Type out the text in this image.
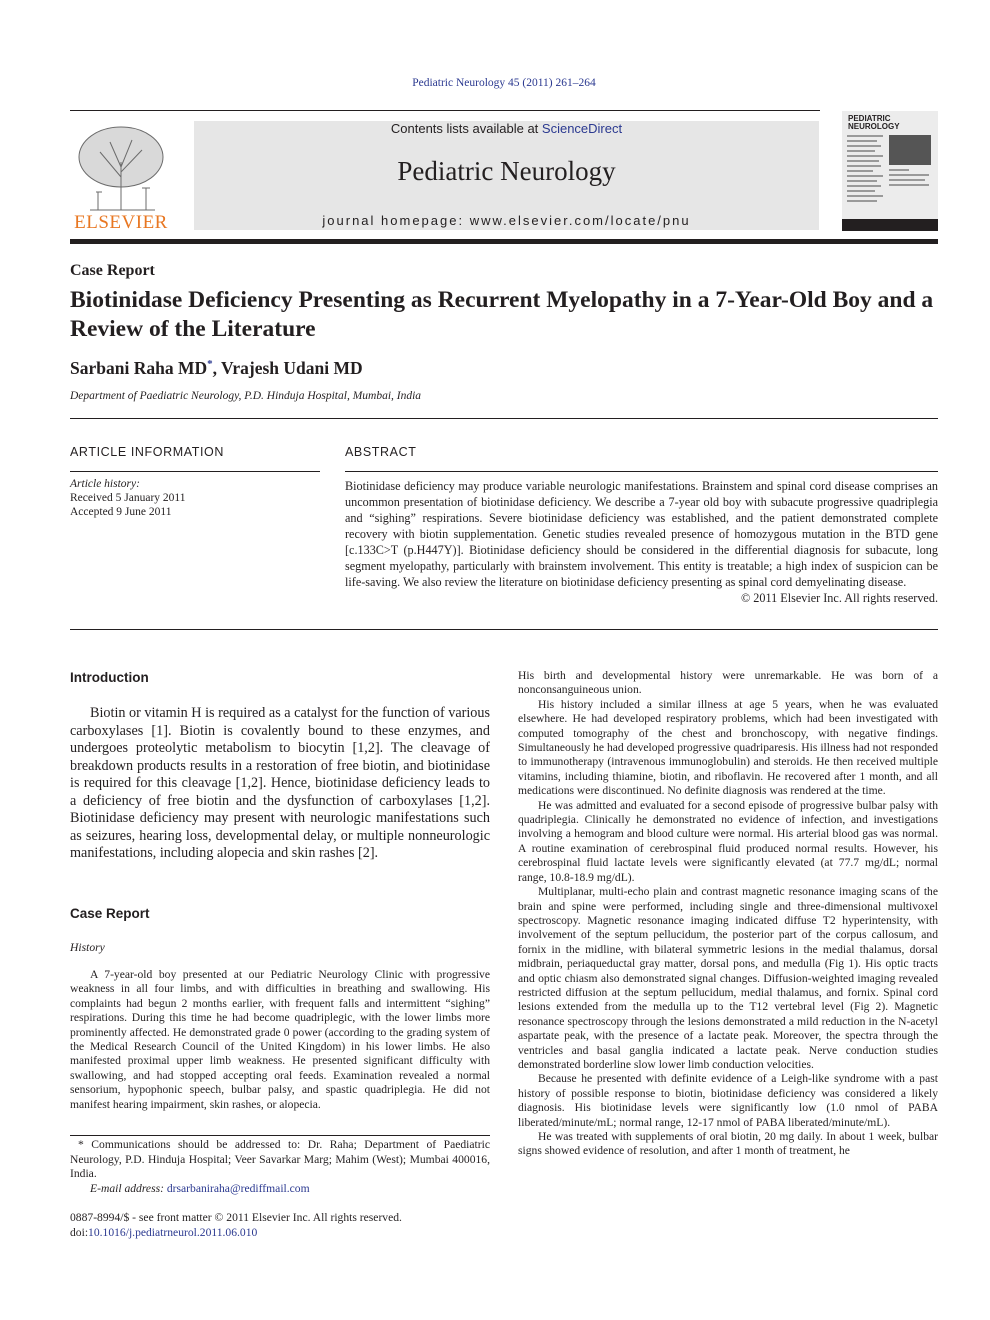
Pediatric Neurology 45 (2011) 261–264
ELSEVIER
Contents lists available at ScienceDirect
Pediatric Neurology
journal homepage: www.elsevier.com/locate/pnu
PEDIATRIC NEUROLOGY
Case Report
Biotinidase Deficiency Presenting as Recurrent Myelopathy in a 7-Year-Old Boy and a Review of the Literature
Sarbani Raha MD*, Vrajesh Udani MD
Department of Paediatric Neurology, P.D. Hinduja Hospital, Mumbai, India
ARTICLE INFORMATION	ABSTRACT
Article history:
Received 5 January 2011
Accepted 9 June 2011

Biotinidase deficiency may produce variable neurologic manifestations. Brainstem and spinal cord disease comprises an uncommon presentation of biotinidase deficiency. We describe a 7-year old boy with subacute progressive quadriplegia and “sighing” respirations. Severe biotinidase deficiency was established, and the patient demonstrated complete recovery with biotin supplementation. Genetic studies revealed presence of homozygous mutation in the BTD gene [c.133C>T (p.H447Y)]. Biotinidase deficiency should be considered in the differential diagnosis for subacute, long segment myelopathy, particularly with brainstem involvement. This entity is treatable; a high index of suspicion can be life-saving. We also review the literature on biotinidase deficiency presenting as spinal cord demyelinating disease.

© 2011 Elsevier Inc. All rights reserved.

Introduction

Biotin or vitamin H is required as a catalyst for the function of various carboxylases [1]. Biotin is covalently bound to these enzymes, and undergoes proteolytic metabolism to biocytin [1,2]. The cleavage of breakdown products results in a restoration of free biotin, and biotinidase is required for this cleavage [1,2]. Hence, biotinidase deficiency leads to a deficiency of free biotin and the dysfunction of carboxylases [1,2]. Biotinidase deficiency may present with neurologic manifestations such as seizures, hearing loss, developmental delay, or multiple nonneurologic manifestations, including alopecia and skin rashes [2].

Case Report
History

A 7-year-old boy presented at our Pediatric Neurology Clinic with progressive weakness in all four limbs, and with difficulties in breathing and swallowing. His complaints had begun 2 months earlier, with frequent falls and intermittent “sighing” respirations. During this time he had become quadriplegic, with the lower limbs more prominently affected. He demonstrated grade 0 power (according to the grading system of the Medical Research Council of the United Kingdom) in his lower limbs. He also manifested proximal upper limb weakness. He presented significant difficulty with swallowing, and had stopped accepting oral feeds. Examination revealed a normal sensorium, hypophonic speech, bulbar palsy, and spastic quadriplegia. He did not manifest hearing impairment, skin rashes, or alopecia.

* Communications should be addressed to: Dr. Raha; Department of Paediatric Neurology, P.D. Hinduja Hospital; Veer Savarkar Marg; Mahim (West); Mumbai 400016, India.
E-mail address: drsarbaniraha@rediffmail.com
0887-8994/$ - see front matter © 2011 Elsevier Inc. All rights reserved.
doi:10.1016/j.pediatrneurol.2011.06.010

His birth and developmental history were unremarkable. He was born of a nonconsanguineous union.

His history included a similar illness at age 5 years, when he was evaluated elsewhere. He had developed respiratory problems, which had been investigated with computed tomography of the chest and bronchoscopy, with negative findings. Simultaneously he had developed progressive quadriparesis. His illness had not responded to immunotherapy (intravenous immunoglobulin) and steroids. He then received multiple vitamins, including thiamine, biotin, and riboflavin. He recovered after 1 month, and all medications were discontinued. No definite diagnosis was rendered at the time.

He was admitted and evaluated for a second episode of progressive bulbar palsy with quadriplegia. Clinically he demonstrated no evidence of infection, and investigations involving a hemogram and blood culture were normal. His arterial blood gas was normal. A routine examination of cerebrospinal fluid produced normal results. However, his cerebrospinal fluid lactate levels were significantly elevated (at 77.7 mg/dL; normal range, 10.8-18.9 mg/dL).

Multiplanar, multi-echo plain and contrast magnetic resonance imaging scans of the brain and spine were performed, including single and three-dimensional multivoxel spectroscopy. Magnetic resonance imaging indicated diffuse T2 hyperintensity, with involvement of the septum pellucidum, the posterior part of the corpus callosum, and fornix in the midline, with bilateral symmetric lesions in the medial thalamus, dorsal midbrain, periaqueductal gray matter, dorsal pons, and medulla (Fig 1). His optic tracts and optic chiasm also demonstrated signal changes. Diffusion-weighted imaging revealed restricted diffusion at the septum pellucidum, medial thalamus, and fornix. Spinal cord lesions extended from the medulla up to the T12 vertebral level (Fig 2). Magnetic resonance spectroscopy through the lesions demonstrated a mild reduction in the N-acetyl aspartate peak, with the presence of a lactate peak. Moreover, the spectra through the ventricles and basal ganglia indicated a lactate peak. Nerve conduction studies demonstrated borderline slow lower limb conduction velocities.

Because he presented with definite evidence of a Leigh-like syndrome with a past history of possible response to biotin, biotinidase deficiency was considered a likely diagnosis. His biotinidase levels were significantly low (1.0 nmol of PABA liberated/minute/mL; normal range, 12-17 nmol of PABA liberated/minute/mL).

He was treated with supplements of oral biotin, 20 mg daily. In about 1 week, bulbar signs showed evidence of resolution, and after 1 month of treatment, he
